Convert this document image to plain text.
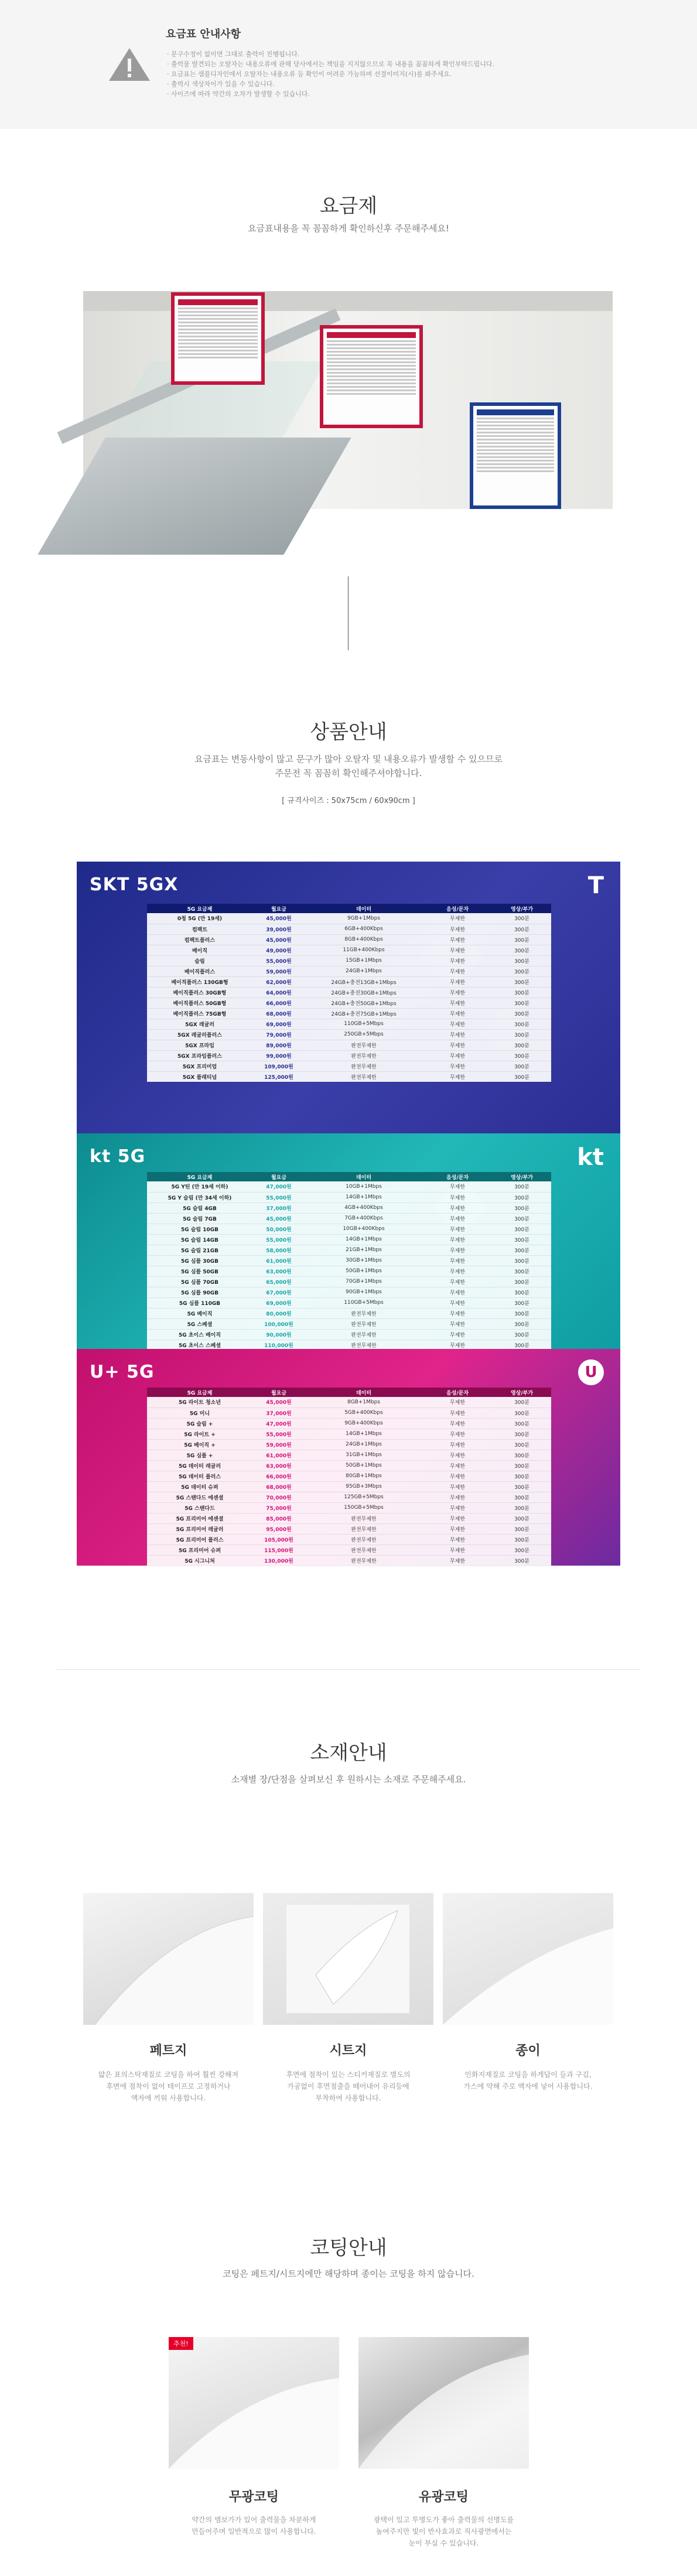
요금표 안내사항
· 문구수정이 없이면 그대로 출력이 진행됩니다.
· 출력물 발견되는 오탈자는 내용오류에 관해 당사에서는 책임을 지지않으므로 꼭 내용을 꼼꼼하게 확인부탁드립니다.
· 요금표는 샘플디자인에서 오탈자는 내용오류 등 확인이 어려운 가능하며 선결이미지(시)를 봐주세요.
· 출력시 색상차이가 있을 수 있습니다.
· 사이즈에 따라 약간의 오차가 발생할 수 있습니다.
요금제

요금표내용을 꼭 꼼꼼하게 확인하신후 주문해주세요!

상품안내

요금표는 변동사항이 많고 문구가 많아 오탈자 및 내용오류가 발생할 수 있으므로

주문전 꼭 꼼꼼히 확인해주셔야합니다.

[ 규격사이즈 : 50x75cm / 60x90cm ]

SKT 5GX	T
5G 요금제	월요금	데이터	음성/문자	영상/부가
0청 5G (만 19세)	45,000원	9GB+1Mbps	무제한	300분
컴팩트	39,000원	6GB+400Kbps	무제한	300분
컴팩트플러스	45,000원	8GB+400Kbps	무제한	300분
베이직	49,000원	11GB+400Kbps	무제한	300분
슬림	55,000원	15GB+1Mbps	무제한	300분
베이직플러스	59,000원	24GB+1Mbps	무제한	300분
베이직플러스 130GB형	62,000원	24GB+충전13GB+1Mbps	무제한	300분
베이직플러스 30GB형	64,000원	24GB+충전30GB+1Mbps	무제한	300분
베이직플러스 50GB형	66,000원	24GB+충전50GB+1Mbps	무제한	300분
베이직플러스 75GB형	68,000원	24GB+충전75GB+1Mbps	무제한	300분
5GX 레귤러	69,000원	110GB+5Mbps	무제한	300분
5GX 레귤러플러스	79,000원	250GB+5Mbps	무제한	300분
5GX 프라임	89,000원	완전무제한	무제한	300분
5GX 프라임플러스	99,000원	완전무제한	무제한	300분
5GX 프리미엄	109,000원	완전무제한	무제한	300분
5GX 플래티넘	125,000원	완전무제한	무제한	300분
kt 5G	kt
5G 요금제	월요금	데이터	음성/문자	영상/부가
5G Y틴 (만 19세 이하)	47,000원	10GB+1Mbps	무제한	300분
5G Y 슬림 (만 34세 이하)	55,000원	14GB+1Mbps	무제한	300분
5G 슬림 4GB	37,000원	4GB+400Kbps	무제한	300분
5G 슬림 7GB	45,000원	7GB+400Kbps	무제한	300분
5G 슬림 10GB	50,000원	10GB+400Kbps	무제한	300분
5G 슬림 14GB	55,000원	14GB+1Mbps	무제한	300분
5G 슬림 21GB	58,000원	21GB+1Mbps	무제한	300분
5G 심플 30GB	61,000원	30GB+1Mbps	무제한	300분
5G 심플 50GB	63,000원	50GB+1Mbps	무제한	300분
5G 심플 70GB	65,000원	70GB+1Mbps	무제한	300분
5G 심플 90GB	67,000원	90GB+1Mbps	무제한	300분
5G 심플 110GB	69,000원	110GB+5Mbps	무제한	300분
5G 베이직	80,000원	완전무제한	무제한	300분
5G 스페셜	100,000원	완전무제한	무제한	300분
5G 초이스 베이직	90,000원	완전무제한	무제한	300분
5G 초이스 스페셜	110,000원	완전무제한	무제한	300분

U+ 5G	U
5G 요금제	월요금	데이터	음성/문자	영상/부가
5G 라이트 청소년	45,000원	8GB+1Mbps	무제한	300분
5G 미니	37,000원	5GB+400Kbps	무제한	300분
5G 슬림 +	47,000원	9GB+400Kbps	무제한	300분
5G 라이트 +	55,000원	14GB+1Mbps	무제한	300분
5G 베이직 +	59,000원	24GB+1Mbps	무제한	300분
5G 심플 +	61,000원	31GB+1Mbps	무제한	300분
5G 데이터 레귤러	63,000원	50GB+1Mbps	무제한	300분
5G 데이터 플러스	66,000원	80GB+1Mbps	무제한	300분
5G 데이터 슈퍼	68,000원	95GB+3Mbps	무제한	300분
5G 스탠다드 에센셜	70,000원	125GB+5Mbps	무제한	300분
5G 스탠다드	75,000원	150GB+5Mbps	무제한	300분
5G 프리미어 에센셜	85,000원	완전무제한	무제한	300분
5G 프리미어 레귤러	95,000원	완전무제한	무제한	300분
5G 프리미어 플러스	105,000원	완전무제한	무제한	300분
5G 프리미어 슈퍼	115,000원	완전무제한	무제한	300분
5G 시그니처	130,000원	완전무제한	무제한	300분
소재안내

소재별 장/단점을 살펴보신 후 원하시는 소재로 주문해주세요.

페트지	시트지	종이
얇은 표의스탁재질로 코팅을 하여 훨씬 강해져
후변에 점착이 없어 테이프로 고정하거나
액자에 끼워 사용합니다.
후면에 점착이 있는 스티커재질로 별도의
가공없이 후면점출을 떼어내어 유리등에
부착하여 사용합니다.
인화지재질로 코팅을 하게답이 들과 구김,
가스에 약해 주로 액자에 넣어 사용합니다.
코팅안내

코팅은 페트지/시트지에만 해당하며 종이는 코팅을 하지 않습니다.

추천!
무광코팅	유광코팅
약간의 엠보가가 있어 출력물을 차분하게
만들어주며 일반적으로 많이 사용합니다.
광택이 있고 투명도가 좋아 출력물의 선명도를
높여주지만 빛이 반사효과로 직사광면에서는
눈이 부실 수 있습니다.
